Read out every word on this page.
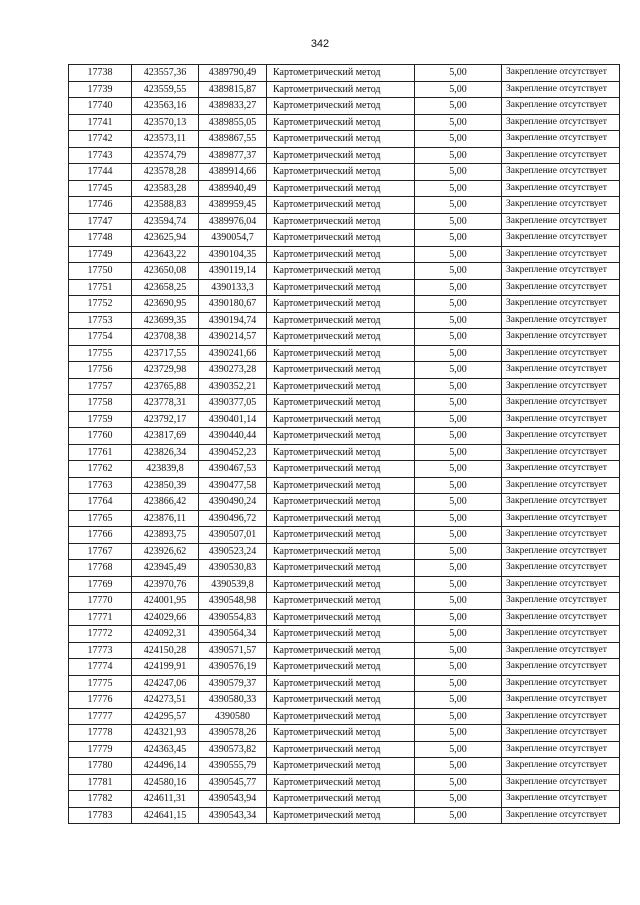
342
17738	423557,36	4389790,49	Картометрический метод	5,00	Закрепление отсутствует
17739	423559,55	4389815,87	Картометрический метод	5,00	Закрепление отсутствует
17740	423563,16	4389833,27	Картометрический метод	5,00	Закрепление отсутствует
17741	423570,13	4389855,05	Картометрический метод	5,00	Закрепление отсутствует
17742	423573,11	4389867,55	Картометрический метод	5,00	Закрепление отсутствует
17743	423574,79	4389877,37	Картометрический метод	5,00	Закрепление отсутствует
17744	423578,28	4389914,66	Картометрический метод	5,00	Закрепление отсутствует
17745	423583,28	4389940,49	Картометрический метод	5,00	Закрепление отсутствует
17746	423588,83	4389959,45	Картометрический метод	5,00	Закрепление отсутствует
17747	423594,74	4389976,04	Картометрический метод	5,00	Закрепление отсутствует
17748	423625,94	4390054,7	Картометрический метод	5,00	Закрепление отсутствует
17749	423643,22	4390104,35	Картометрический метод	5,00	Закрепление отсутствует
17750	423650,08	4390119,14	Картометрический метод	5,00	Закрепление отсутствует
17751	423658,25	4390133,3	Картометрический метод	5,00	Закрепление отсутствует
17752	423690,95	4390180,67	Картометрический метод	5,00	Закрепление отсутствует
17753	423699,35	4390194,74	Картометрический метод	5,00	Закрепление отсутствует
17754	423708,38	4390214,57	Картометрический метод	5,00	Закрепление отсутствует
17755	423717,55	4390241,66	Картометрический метод	5,00	Закрепление отсутствует
17756	423729,98	4390273,28	Картометрический метод	5,00	Закрепление отсутствует
17757	423765,88	4390352,21	Картометрический метод	5,00	Закрепление отсутствует
17758	423778,31	4390377,05	Картометрический метод	5,00	Закрепление отсутствует
17759	423792,17	4390401,14	Картометрический метод	5,00	Закрепление отсутствует
17760	423817,69	4390440,44	Картометрический метод	5,00	Закрепление отсутствует
17761	423826,34	4390452,23	Картометрический метод	5,00	Закрепление отсутствует
17762	423839,8	4390467,53	Картометрический метод	5,00	Закрепление отсутствует
17763	423850,39	4390477,58	Картометрический метод	5,00	Закрепление отсутствует
17764	423866,42	4390490,24	Картометрический метод	5,00	Закрепление отсутствует
17765	423876,11	4390496,72	Картометрический метод	5,00	Закрепление отсутствует
17766	423893,75	4390507,01	Картометрический метод	5,00	Закрепление отсутствует
17767	423926,62	4390523,24	Картометрический метод	5,00	Закрепление отсутствует
17768	423945,49	4390530,83	Картометрический метод	5,00	Закрепление отсутствует
17769	423970,76	4390539,8	Картометрический метод	5,00	Закрепление отсутствует
17770	424001,95	4390548,98	Картометрический метод	5,00	Закрепление отсутствует
17771	424029,66	4390554,83	Картометрический метод	5,00	Закрепление отсутствует
17772	424092,31	4390564,34	Картометрический метод	5,00	Закрепление отсутствует
17773	424150,28	4390571,57	Картометрический метод	5,00	Закрепление отсутствует
17774	424199,91	4390576,19	Картометрический метод	5,00	Закрепление отсутствует
17775	424247,06	4390579,37	Картометрический метод	5,00	Закрепление отсутствует
17776	424273,51	4390580,33	Картометрический метод	5,00	Закрепление отсутствует
17777	424295,57	4390580	Картометрический метод	5,00	Закрепление отсутствует
17778	424321,93	4390578,26	Картометрический метод	5,00	Закрепление отсутствует
17779	424363,45	4390573,82	Картометрический метод	5,00	Закрепление отсутствует
17780	424496,14	4390555,79	Картометрический метод	5,00	Закрепление отсутствует
17781	424580,16	4390545,77	Картометрический метод	5,00	Закрепление отсутствует
17782	424611,31	4390543,94	Картометрический метод	5,00	Закрепление отсутствует
17783	424641,15	4390543,34	Картометрический метод	5,00	Закрепление отсутствует
